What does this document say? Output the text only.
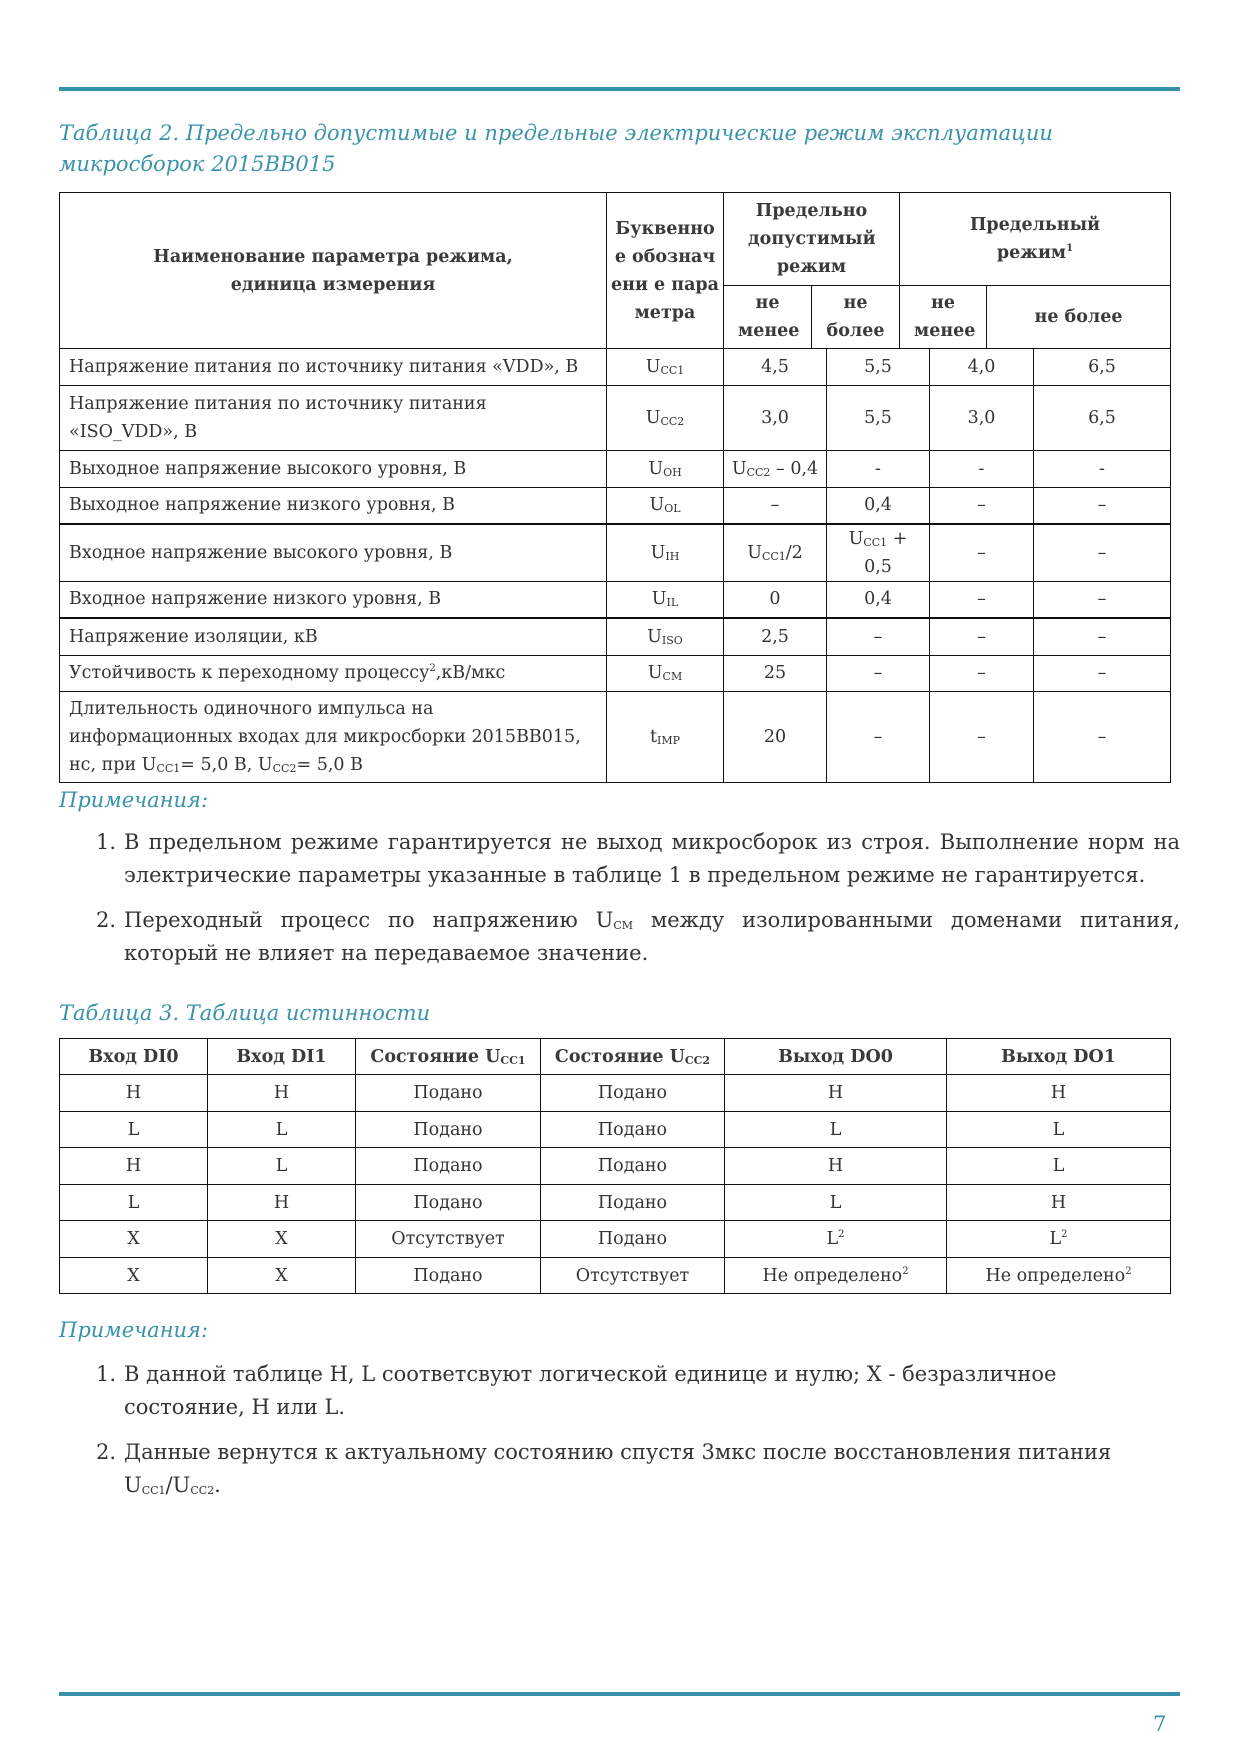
Таблица 2. Предельно допустимые и предельные электрические режим эксплуатации микросборок 2015ВВ015
Наименование параметра режима, единица измерения	Буквенное обозначени е параметра	Предельно допустимый режим		Предельный режим$^1$
		не менее	не более	не менее	не более
Напряжение питания по источнику питания «VDD», В	$U_{CC1}$	4,5	5,5	4,0	6,5
Напряжение питания по источнику питания «ISO_VDD», В	$U_{CC2}$	3,0	5,5	3,0	6,5
Выходное напряжение высокого уровня, В	$U_{OH}$	$U_{CC2} - 0,4$	-	-	-
Выходное напряжение низкого уровня, В	$U_{OL}$	–	0,4	–	–
Входное напряжение высокого уровня, В	$U_{IH}$	$U_{CC1}/2$	$U_{CC1} + 0,5$	–	–
Входное напряжение низкого уровня, В	$U_{IL}$	0	0,4	–	–
Напряжение изоляции, кВ	$U_{ISO}$	2,5	–	–	–
Устойчивость к переходному процессу$^2$,кВ/мкс	$U_{CM}$	25	–	–	–
Длительность одиночного импульса на информационных входах для микросборки 2015ВВ015, нс, при $U_{CC1}= 5,0$ В, $U_{CC2}= 5,0$ В	$t_{IMP}$	20	–	–	–
Примечания:
1. В предельном режиме гарантируется не выход микросборок из строя. Выполнение норм на электрические параметры указанные в таблице 1 в предельном режиме не гарантируется.
2. Переходный процесс по напряжению $U_{CM}$ между изолированными доменами питания, который не влияет на передаваемое значение.
Таблица 3. Таблица истинности
Вход DI0	Вход DI1	Состояние $U_{CC1}$	Состояние $U_{CC2}$	Выход DO0	Выход DO1
H	H	Подано	Подано	H	H
L	L	Подано	Подано	L	L
H	L	Подано	Подано	H	L
L	H	Подано	Подано	L	H
X	X	Отсутствует	Подано	$L^2$	$L^2$
X	X	Подано	Отсутствует	Не определено$^2$	Не определено$^2$
Примечания:
1. В данной таблице H, L соответсвуют логической единице и нулю; X - безразличное состояние, H или L.
2. Данные вернутся к актуальному состоянию спустя 3мкс после восстановления питания
$U_{CC1}/U_{CC2}$.
7
